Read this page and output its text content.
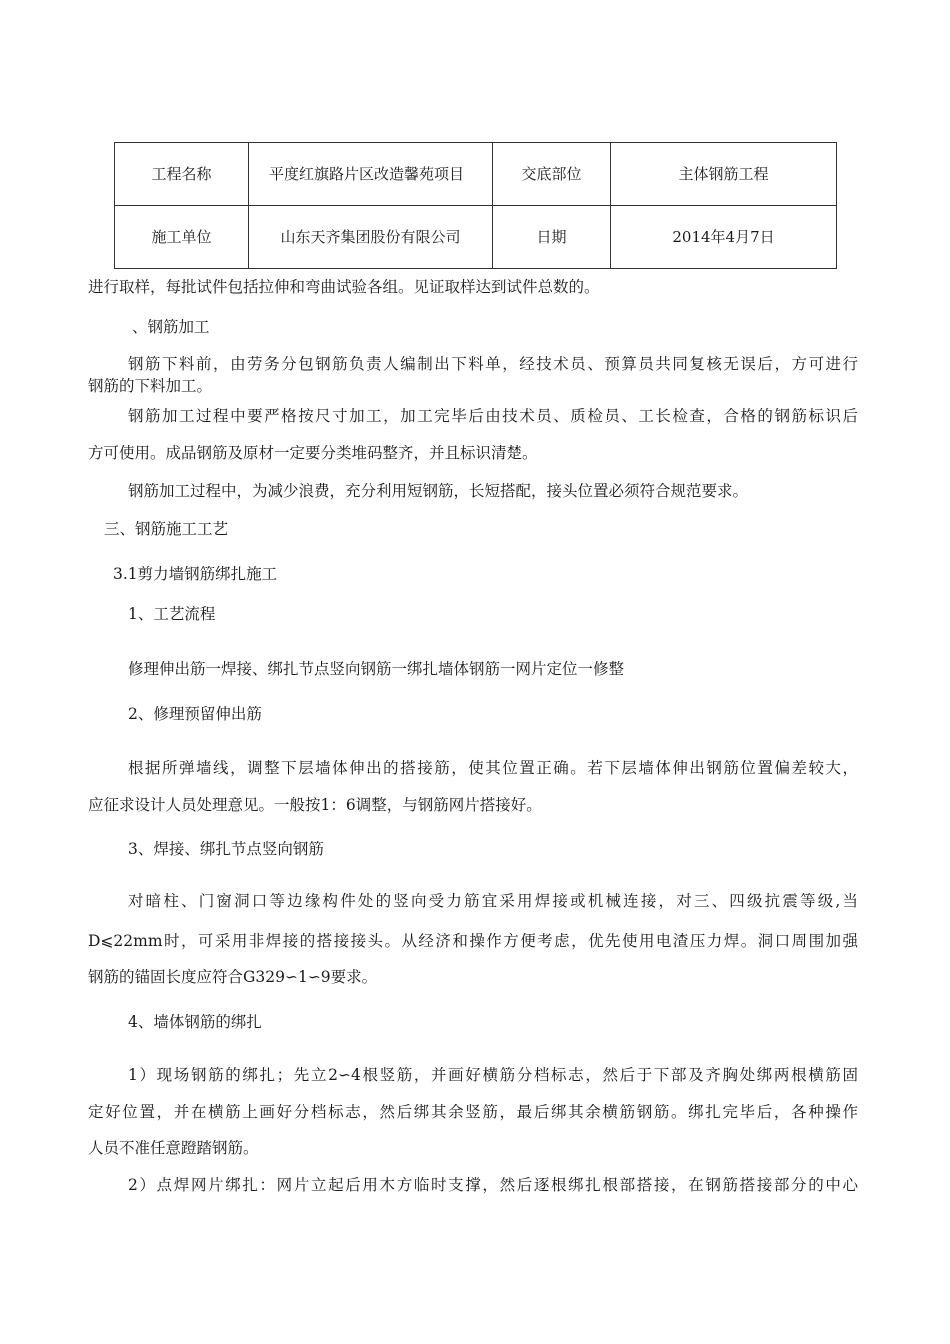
工程名称	平度红旗路片区改造馨苑项目	交底部位	主体钢筋工程
施工单位	山东天齐集团股份有限公司	日期	2014年4月7日
进行取样，每批试件包括拉伸和弯曲试验各组。见证取样达到试件总数的。
、钢筋加工
钢筋下料前，由劳务分包钢筋负责人编制出下料单，经技术员、预算员共同复核无误后，方可进行
钢筋的下料加工。
钢筋加工过程中要严格按尺寸加工，加工完毕后由技术员、质检员、工长检查，合格的钢筋标识后
方可使用。成品钢筋及原材一定要分类堆码整齐，并且标识清楚。
钢筋加工过程中，为减少浪费，充分利用短钢筋，长短搭配，接头位置必须符合规范要求。
三、钢筋施工工艺
3.1剪力墙钢筋绑扎施工
1、工艺流程
修理伸出筋一焊接、绑扎节点竖向钢筋一绑扎墙体钢筋一网片定位一修整
2、修理预留伸出筋
根据所弹墙线，调整下层墙体伸出的搭接筋，使其位置正确。若下层墙体伸出钢筋位置偏差较大，
应征求设计人员处理意见。一般按1：6调整，与钢筋网片搭接好。
3、焊接、绑扎节点竖向钢筋
对暗柱、门窗洞口等边缘构件处的竖向受力筋宜采用焊接或机械连接，对三、四级抗震等级,当
D⩽22mm时，可采用非焊接的搭接接头。从经济和操作方便考虑，优先使用电渣压力焊。洞口周围加强
钢筋的锚固长度应符合G329∽1∽9要求。
4、墙体钢筋的绑扎
1）现场钢筋的绑扎；先立2∽4根竖筋，并画好横筋分档标志，然后于下部及齐胸处绑两根横筋固
定好位置，并在横筋上画好分档标志，然后绑其余竖筋，最后绑其余横筋钢筋。绑扎完毕后，各种操作
人员不准任意蹬踏钢筋。
2）点焊网片绑扎：网片立起后用木方临时支撑，然后逐根绑扎根部搭接，在钢筋搭接部分的中心
